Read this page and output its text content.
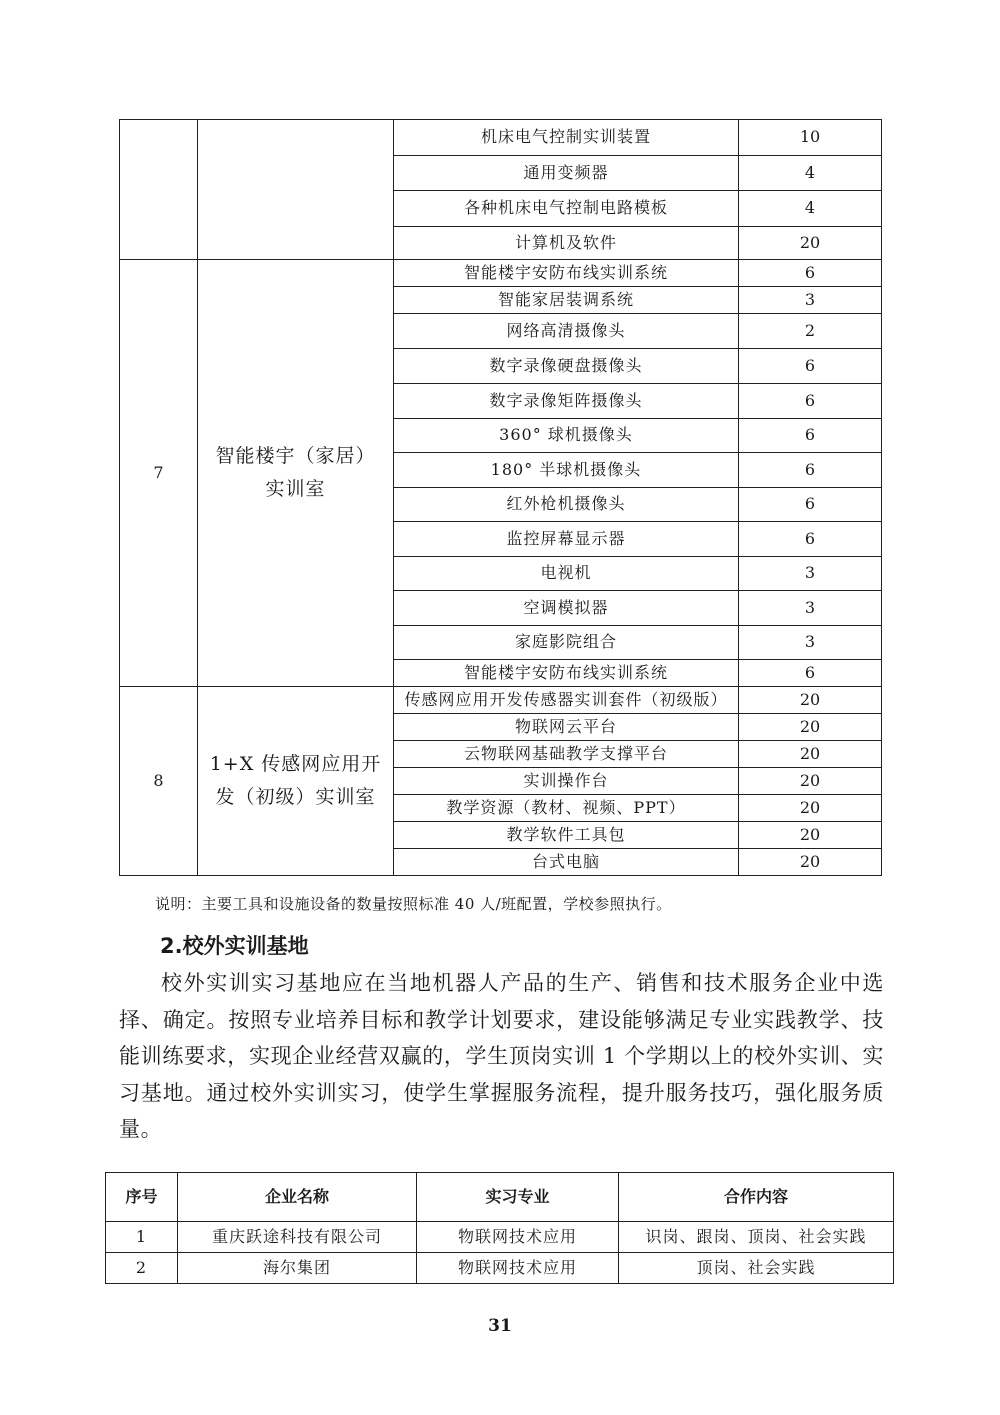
		机床电气控制实训装置	10
		通用变频器	4
		各种机床电气控制电路模板	4
		计算机及软件	20
7	智能楼宇（家居）实训室	智能楼宇安防布线实训系统	6
		智能家居装调系统	3
		网络高清摄像头	2
		数字录像硬盘摄像头	6
		数字录像矩阵摄像头	6
		360° 球机摄像头	6
		180° 半球机摄像头	6
		红外枪机摄像头	6
		监控屏幕显示器	6
		电视机	3
		空调模拟器	3
		家庭影院组合	3
		智能楼宇安防布线实训系统	6
8	1+X 传感网应用开发（初级）实训室	传感网应用开发传感器实训套件（初级版）	20
		物联网云平台	20
		云物联网基础教学支撑平台	20
		实训操作台	20
		教学资源（教材、视频、PPT）	20
		教学软件工具包	20
		台式电脑	20
说明：主要工具和设施设备的数量按照标准 40 人/班配置，学校参照执行。
2.校外实训基地

校外实训实习基地应在当地机器人产品的生产、销售和技术服务企业中选择、确定。按照专业培养目标和教学计划要求，建设能够满足专业实践教学、技能训练要求，实现企业经营双赢的，学生顶岗实训 1 个学期以上的校外实训、实习基地。通过校外实训实习，使学生掌握服务流程，提升服务技巧，强化服务质量。

序号	企业名称	实习专业	合作内容
1	重庆跃途科技有限公司	物联网技术应用	识岗、跟岗、顶岗、社会实践
2	海尔集团	物联网技术应用	顶岗、社会实践
31
